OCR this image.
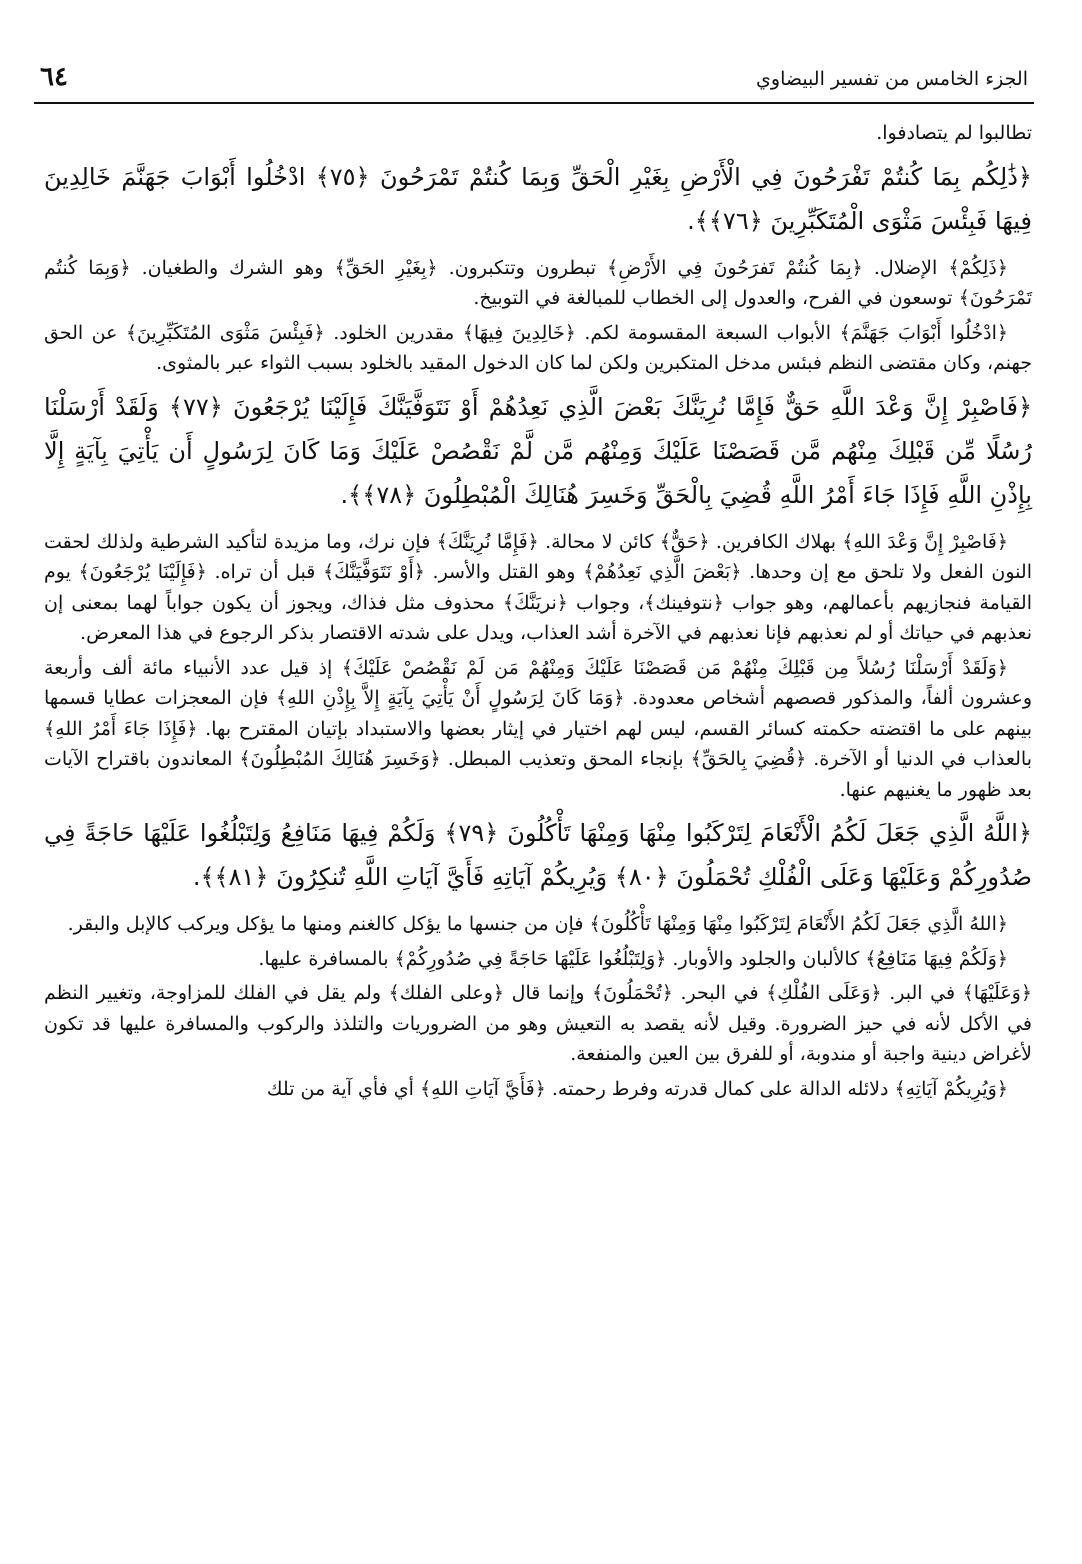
٦٤	الجزء الخامس من تفسير البيضاوي

تطالبوا لم يتصادفوا.

﴿ذَٰلِكُم بِمَا كُنتُمْ تَفْرَحُونَ فِي الْأَرْضِ بِغَيْرِ الْحَقِّ وَبِمَا كُنتُمْ تَمْرَحُونَ ﴿٧٥﴾ ادْخُلُوا أَبْوَابَ جَهَنَّمَ خَالِدِينَ فِيهَا فَبِئْسَ مَثْوَى الْمُتَكَبِّرِينَ ﴿٧٦﴾﴾.

﴿ذَلِكُمْ﴾ الإضلال. ﴿بِمَا كُنتُمْ تَفرَحُونَ فِي الأَرْضِ﴾ تبطرون وتتكبرون. ﴿بِغَيْرِ الحَقِّ﴾ وهو الشرك والطغيان. ﴿وَبِمَا كُنتُم تَمْرَحُونَ﴾ توسعون في الفرح، والعدول إلى الخطاب للمبالغة في التوبيخ.

﴿ادْخُلُوا أَبْوَابَ جَهَنَّمَ﴾ الأبواب السبعة المقسومة لكم. ﴿خَالِدِينَ فِيهَا﴾ مقدرين الخلود. ﴿فَبِئْسَ مَثْوَى المُتَكَبِّرِينَ﴾ عن الحق جهنم، وكان مقتضى النظم فبئس مدخل المتكبرين ولكن لما كان الدخول المقيد بالخلود بسبب الثواء عبر بالمثوى.

﴿فَاصْبِرْ إِنَّ وَعْدَ اللَّهِ حَقٌّ فَإِمَّا نُرِيَنَّكَ بَعْضَ الَّذِي نَعِدُهُمْ أَوْ نَتَوَفَّيَنَّكَ فَإِلَيْنَا يُرْجَعُونَ ﴿٧٧﴾ وَلَقَدْ أَرْسَلْنَا رُسُلًا مِّن قَبْلِكَ مِنْهُم مَّن قَصَصْنَا عَلَيْكَ وَمِنْهُم مَّن لَّمْ نَقْصُصْ عَلَيْكَ وَمَا كَانَ لِرَسُولٍ أَن يَأْتِيَ بِآيَةٍ إِلَّا بِإِذْنِ اللَّهِ فَإِذَا جَاءَ أَمْرُ اللَّهِ قُضِيَ بِالْحَقِّ وَخَسِرَ هُنَالِكَ الْمُبْطِلُونَ ﴿٧٨﴾﴾.

﴿فَاصْبِرْ إِنَّ وَعْدَ اللهِ﴾ بهلاك الكافرين. ﴿حَقٌّ﴾ كائن لا محالة. ﴿فَإِمَّا نُرِيَنَّكَ﴾ فإن نرك، وما مزيدة لتأكيد الشرطية ولذلك لحقت النون الفعل ولا تلحق مع إن وحدها. ﴿بَعْضَ الَّذِي نَعِدُهُمْ﴾ وهو القتل والأسر. ﴿أَوْ نَتَوَفَّيَنَّكَ﴾ قبل أن تراه. ﴿فَإِلَيْنَا يُرْجَعُونَ﴾ يوم القيامة فنجازيهم بأعمالهم، وهو جواب ﴿نتوفينك﴾، وجواب ﴿نريَنَّكَ﴾ محذوف مثل فذاك، ويجوز أن يكون جواباً لهما بمعنى إن نعذبهم في حياتك أو لم نعذبهم فإنا نعذبهم في الآخرة أشد العذاب، ويدل على شدته الاقتصار بذكر الرجوع في هذا المعرض.

﴿وَلَقَدْ أَرْسَلْنَا رُسُلاً مِن قَبْلِكَ مِنْهُمْ مَن قَصَصْنَا عَلَيْكَ وَمِنْهُمْ مَن لَمْ نَقْصُصْ عَلَيْكَ﴾ إذ قيل عدد الأنبياء مائة ألف وأربعة وعشرون ألفاً، والمذكور قصصهم أشخاص معدودة. ﴿وَمَا كَانَ لِرَسُولٍ أَنْ يَأْتِيَ بِآيَةٍ إِلاَّ بِإِذْنِ اللهِ﴾ فإن المعجزات عطايا قسمها بينهم على ما اقتضته حكمته كسائر القسم، ليس لهم اختيار في إيثار بعضها والاستبداد بإتيان المقترح بها. ﴿فَإِذَا جَاءَ أَمْرُ اللهِ﴾ بالعذاب في الدنيا أو الآخرة. ﴿قُضِيَ بِالحَقِّ﴾ بإنجاء المحق وتعذيب المبطل. ﴿وَخَسِرَ هُنَالِكَ المُبْطِلُونَ﴾ المعاندون باقتراح الآيات بعد ظهور ما يغنيهم عنها.

﴿اللَّهُ الَّذِي جَعَلَ لَكُمُ الْأَنْعَامَ لِتَرْكَبُوا مِنْهَا وَمِنْهَا تَأْكُلُونَ ﴿٧٩﴾ وَلَكُمْ فِيهَا مَنَافِعُ وَلِتَبْلُغُوا عَلَيْهَا حَاجَةً فِي صُدُورِكُمْ وَعَلَيْهَا وَعَلَى الْفُلْكِ تُحْمَلُونَ ﴿٨٠﴾ وَيُرِيكُمْ آيَاتِهِ فَأَيَّ آيَاتِ اللَّهِ تُنكِرُونَ ﴿٨١﴾﴾.

﴿اللهُ الَّذِي جَعَلَ لَكُمُ الأَنْعَامَ لِتَرْكَبُوا مِنْهَا وَمِنْهَا تَأْكُلُونَ﴾ فإن من جنسها ما يؤكل كالغنم ومنها ما يؤكل ويركب كالإبل والبقر.

﴿وَلَكُمْ فِيهَا مَنَافِعُ﴾ كالألبان والجلود والأوبار. ﴿وَلِتَبْلُغُوا عَلَيْهَا حَاجَةً فِي صُدُورِكُمْ﴾ بالمسافرة عليها.

﴿وَعَلَيْهَا﴾ في البر. ﴿وَعَلَى الفُلْكِ﴾ في البحر. ﴿تُحْمَلُونَ﴾ وإنما قال ﴿وعلى الفلك﴾ ولم يقل في الفلك للمزاوجة، وتغيير النظم في الأكل لأنه في حيز الضرورة. وقيل لأنه يقصد به التعيش وهو من الضروريات والتلذذ والركوب والمسافرة عليها قد تكون لأغراض دينية واجبة أو مندوبة، أو للفرق بين العين والمنفعة.

﴿وَيُرِيكُمْ آيَاتِهِ﴾ دلائله الدالة على كمال قدرته وفرط رحمته. ﴿فَأَيَّ آيَاتِ اللهِ﴾ أي فأي آية من تلك
